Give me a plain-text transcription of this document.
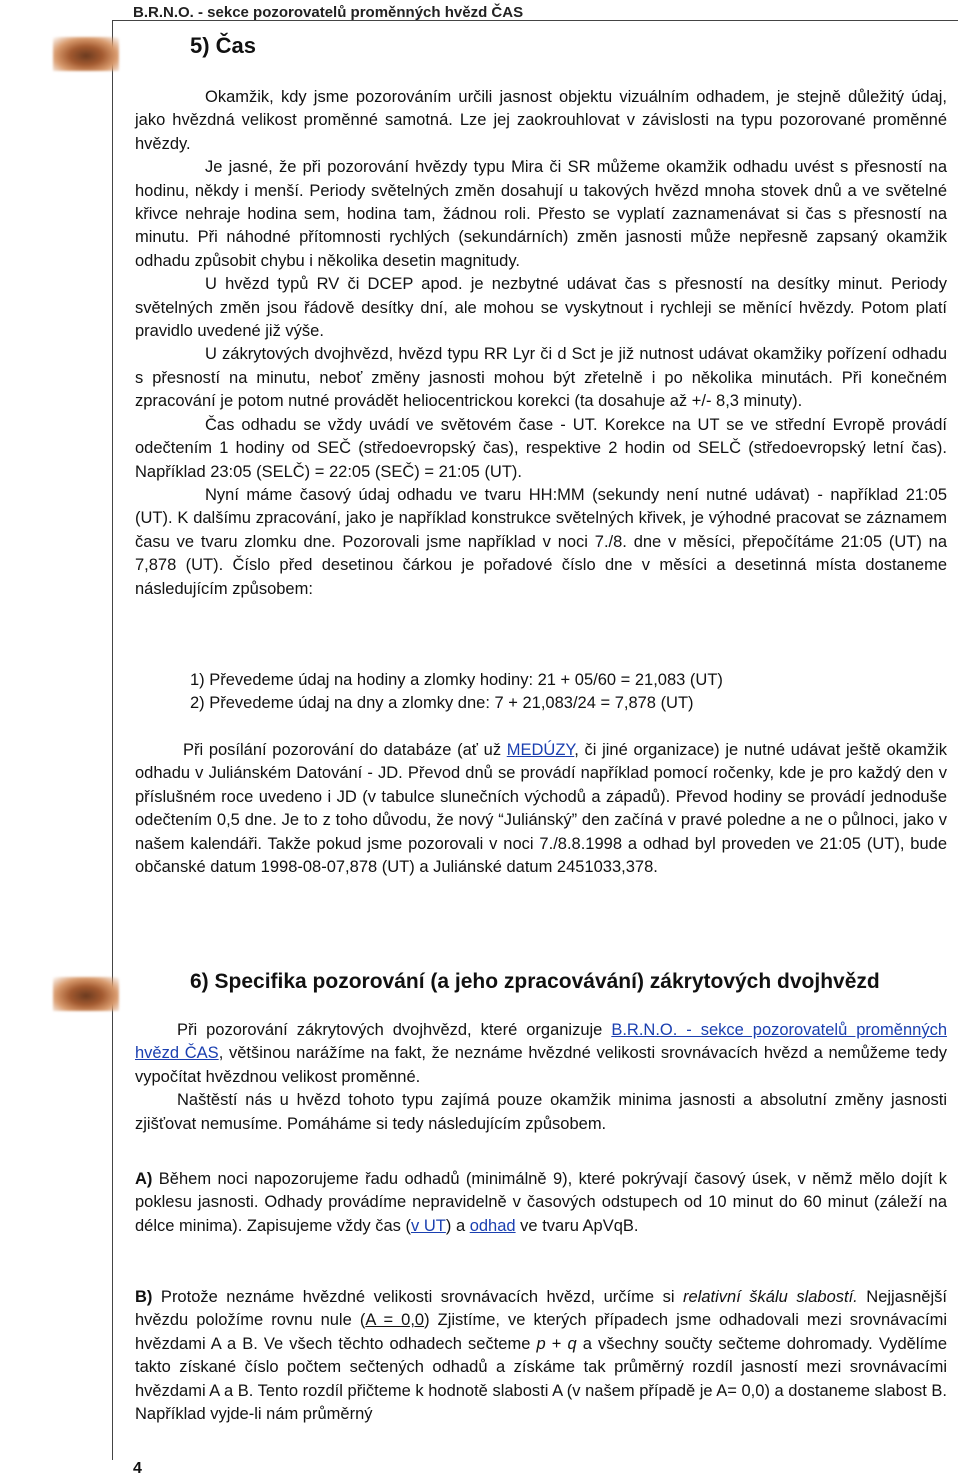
B.R.N.O. - sekce pozorovatelů proměnných hvězd ČAS
5) Čas

Okamžik, kdy jsme pozorováním určili jasnost objektu vizuálním odhadem, je stejně důležitý údaj, jako hvězdná velikost proměnné samotná. Lze jej zaokrouhlovat v závislosti na typu pozorované proměnné hvězdy.

Je jasné, že při pozorování hvězdy typu Mira či SR můžeme okamžik odhadu uvést s přesností na hodinu, někdy i menší. Periody světelných změn dosahují u takových hvězd mnoha stovek dnů a ve světelné křivce nehraje hodina sem, hodina tam, žádnou roli. Přesto se vyplatí zaznamenávat si čas s přesností na minutu. Při náhodné přítomnosti rychlých (sekundárních) změn jasnosti může nepřesně zapsaný okamžik odhadu způsobit chybu i několika desetin magnitudy.

U hvězd typů RV či DCEP apod. je nezbytné udávat čas s přesností na desítky minut. Periody světelných změn jsou řádově desítky dní, ale mohou se vyskytnout i rychleji se měnící hvězdy. Potom platí pravidlo uvedené již výše.

U zákrytových dvojhvězd, hvězd typu RR Lyr či d Sct je již nutnost udávat okamžiky pořízení odhadu s přesností na minutu, neboť změny jasnosti mohou být zřetelně i po několika minutách. Při konečném zpracování je potom nutné provádět heliocentrickou korekci (ta dosahuje až +/- 8,3 minuty).

Čas odhadu se vždy uvádí ve světovém čase - UT. Korekce na UT se ve střední Evropě provádí odečtením 1 hodiny od SEČ (středoevropský čas), respektive 2 hodin od SELČ (středoevropský letní čas). Například 23:05 (SELČ) = 22:05 (SEČ) = 21:05 (UT).

Nyní máme časový údaj odhadu ve tvaru HH:MM (sekundy není nutné udávat) - například 21:05 (UT). K dalšímu zpracování, jako je například konstrukce světelných křivek, je výhodné pracovat se záznamem času ve tvaru zlomku dne. Pozorovali jsme například v noci 7./8. dne v měsíci, přepočítáme 21:05 (UT) na 7,878 (UT). Číslo před desetinou čárkou je pořadové číslo dne v měsíci a desetinná místa dostaneme následujícím způsobem:

1) Převedeme údaj na hodiny a zlomky hodiny: 21 + 05/60 = 21,083 (UT)
2) Převedeme údaj na dny a zlomky dne: 7 + 21,083/24 = 7,878 (UT)

Při posílání pozorování do databáze (ať už MEDÚZY, či jiné organizace) je nutné udávat ještě okamžik odhadu v Juliánském Datování - JD. Převod dnů se provádí například pomocí ročenky, kde je pro každý den v příslušném roce uvedeno i JD (v tabulce slunečních východů a západů). Převod hodiny se provádí jednoduše odečtením 0,5 dne. Je to z toho důvodu, že nový “Juliánský” den začíná v pravé poledne a ne o půlnoci, jako v našem kalendáři. Takže pokud jsme pozorovali v noci 7./8.8.1998 a odhad byl proveden ve 21:05 (UT), bude občanské datum 1998-08-07,878 (UT) a Juliánské datum 2451033,378.

6) Specifika pozorování (a jeho zpracovávání) zákrytových dvojhvězd

Při pozorování zákrytových dvojhvězd, které organizuje B.R.N.O. - sekce pozorovatelů proměnných hvězd ČAS, většinou narážíme na fakt, že neznáme hvězdné velikosti srovnávacích hvězd a nemůžeme tedy vypočítat hvězdnou velikost proměnné.

Naštěstí nás u hvězd tohoto typu zajímá pouze okamžik minima jasnosti a absolutní změny jasnosti zjišťovat nemusíme. Pomáháme si tedy následujícím způsobem.

A) Během noci napozorujeme řadu odhadů (minimálně 9), které pokrývají časový úsek, v němž mělo dojít k poklesu jasnosti. Odhady provádíme nepravidelně v časových odstupech od 10 minut do 60 minut (záleží na délce minima). Zapisujeme vždy čas (v UT) a odhad ve tvaru ApVqB.

B) Protože neznáme hvězdné velikosti srovnávacích hvězd, určíme si relativní škálu slabostí. Nejjasnější hvězdu položíme rovnu nule (A = 0,0) Zjistíme, ve kterých případech jsme odhadovali mezi srovnávacími hvězdami A a B. Ve všech těchto odhadech sečteme p + q a všechny součty sečteme dohromady. Vydělíme takto získané číslo počtem sečtených odhadů a získáme tak průměrný rozdíl jasností mezi srovnávacími hvězdami A a B. Tento rozdíl přičteme k hodnotě slabosti A (v našem případě je A= 0,0) a dostaneme slabost B. Například vyjde-li nám průměrný

4
